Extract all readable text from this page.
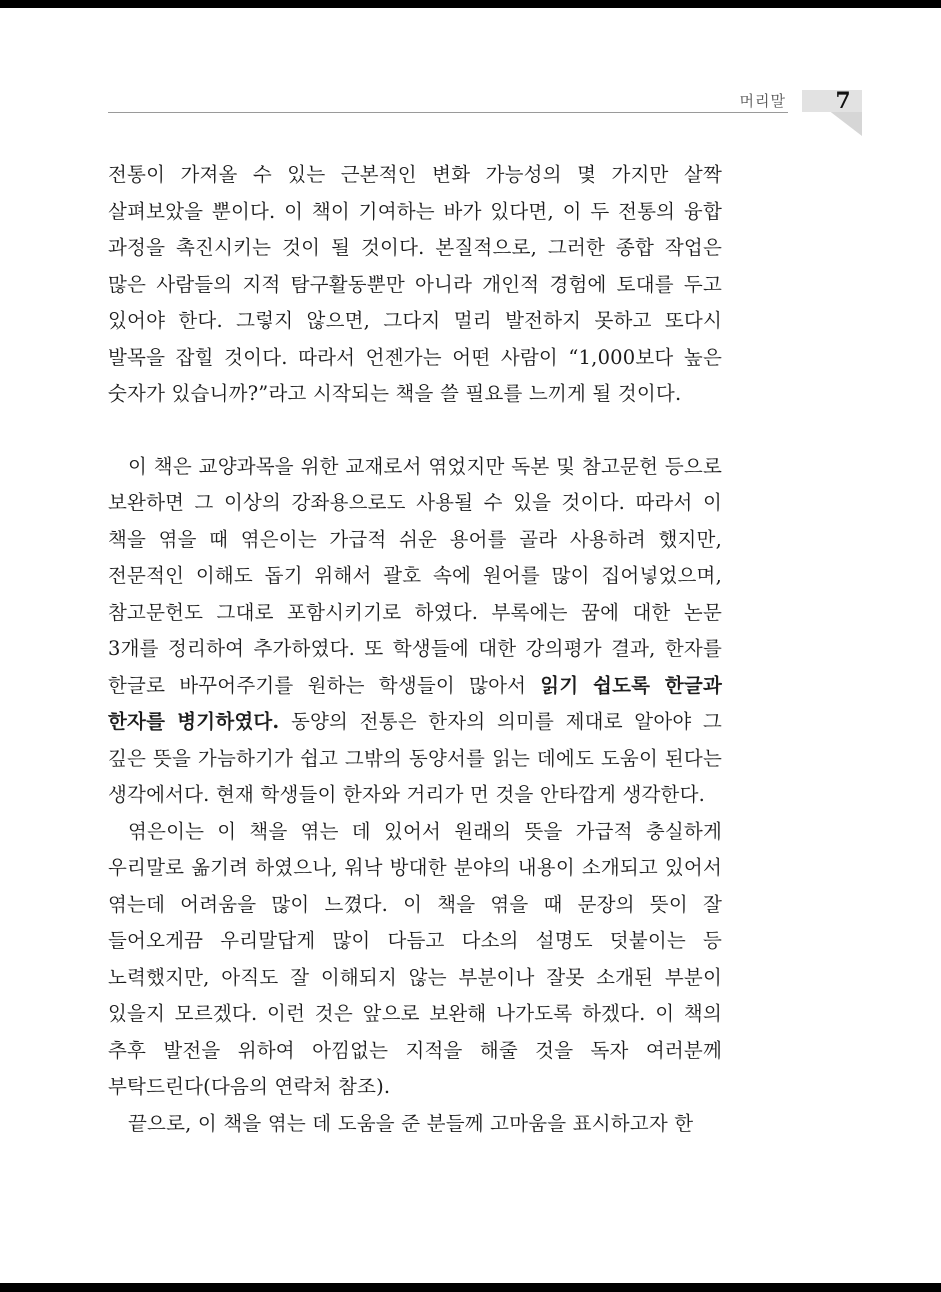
머리말 7

전통이 가져올 수 있는 근본적인 변화 가능성의 몇 가지만 살짝 살펴보았을 뿐이다. 이 책이 기여하는 바가 있다면, 이 두 전통의 융합 과정을 촉진시키는 것이 될 것이다. 본질적으로, 그러한 종합 작업은 많은 사람들의 지적 탐구활동뿐만 아니라 개인적 경험에 토대를 두고 있어야 한다. 그렇지 않으면, 그다지 멀리 발전하지 못하고 또다시 발목을 잡힐 것이다. 따라서 언젠가는 어떤 사람이 “1,000보다 높은 숫자가 있습니까?”라고 시작되는 책을 쓸 필요를 느끼게 될 것이다.

이 책은 교양과목을 위한 교재로서 엮었지만 독본 및 참고문헌 등으로 보완하면 그 이상의 강좌용으로도 사용될 수 있을 것이다. 따라서 이 책을 엮을 때 엮은이는 가급적 쉬운 용어를 골라 사용하려 했지만, 전문적인 이해도 돕기 위해서 괄호 속에 원어를 많이 집어넣었으며, 참고문헌도 그대로 포함시키기로 하였다. 부록에는 꿈에 대한 논문 3개를 정리하여 추가하였다. 또 학생들에 대한 강의평가 결과, 한자를 한글로 바꾸어주기를 원하는 학생들이 많아서 읽기 쉽도록 한글과 한자를 병기하였다. 동양의 전통은 한자의 의미를 제대로 알아야 그 깊은 뜻을 가늠하기가 쉽고 그밖의 동양서를 읽는 데에도 도움이 된다는 생각에서다. 현재 학생들이 한자와 거리가 먼 것을 안타깝게 생각한다.

엮은이는 이 책을 엮는 데 있어서 원래의 뜻을 가급적 충실하게 우리말로 옮기려 하였으나, 워낙 방대한 분야의 내용이 소개되고 있어서 엮는데 어려움을 많이 느꼈다. 이 책을 엮을 때 문장의 뜻이 잘 들어오게끔 우리말답게 많이 다듬고 다소의 설명도 덧붙이는 등 노력했지만, 아직도 잘 이해되지 않는 부분이나 잘못 소개된 부분이 있을지 모르겠다. 이런 것은 앞으로 보완해 나가도록 하겠다. 이 책의 추후 발전을 위하여 아낌없는 지적을 해줄 것을 독자 여러분께 부탁드린다(다음의 연락처 참조).

끝으로, 이 책을 엮는 데 도움을 준 분들께 고마움을 표시하고자 한
